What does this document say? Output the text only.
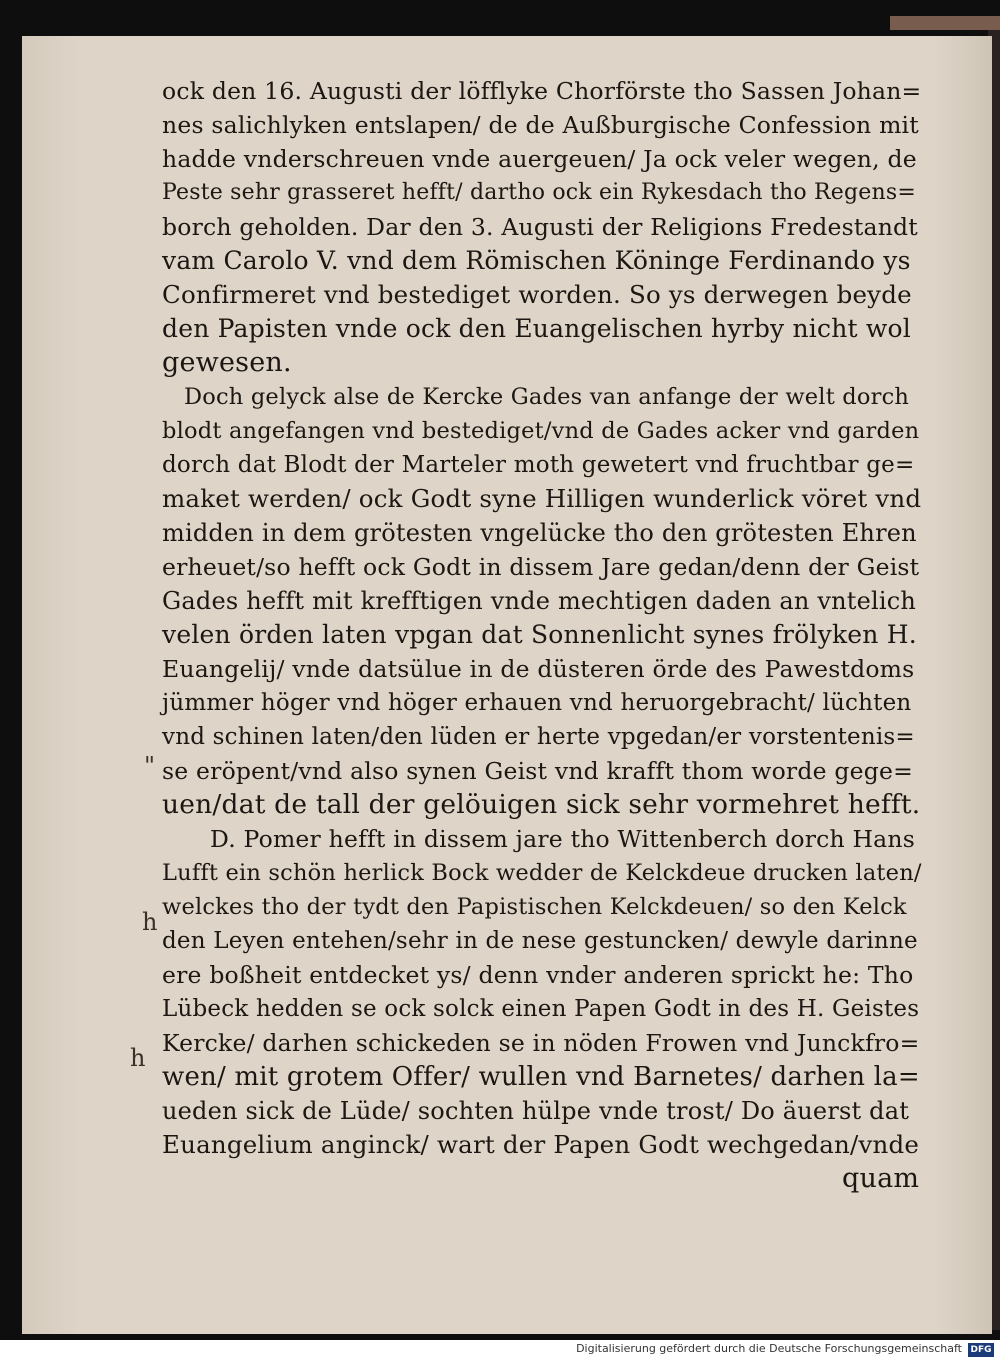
ock den 16. Augusti der löfflyke Chorförste tho Sassen Johan=
nes salichlyken entslapen/ de de Außburgische Confession mit
hadde vnderschreuen vnde auergeuen/ Ja ock veler wegen, de
Peste sehr grasseret hefft/ dartho ock ein Rykesdach tho Regens=
borch geholden. Dar den 3. Augusti der Religions Fredestandt
vam Carolo V. vnd dem Römischen Köninge Ferdinando ys
Confirmeret vnd bestediget worden. So ys derwegen beyde
den Papisten vnde ock den Euangelischen hyrby nicht wol
gewesen.
Doch gelyck alse de Kercke Gades van anfange der welt dorch
blodt angefangen vnd bestediget/vnd de Gades acker vnd garden
dorch dat Blodt der Marteler moth gewetert vnd fruchtbar ge=
maket werden/ ock Godt syne Hilligen wunderlick vöret vnd
midden in dem grötesten vngelücke tho den grötesten Ehren
erheuet/so hefft ock Godt in dissem Jare gedan/denn der Geist
Gades hefft mit krefftigen vnde mechtigen daden an vntelich
velen örden laten vpgan dat Sonnenlicht synes frölyken H.
Euangelij/ vnde datsülue in de düsteren örde des Pawestdoms
jümmer höger vnd höger erhauen vnd heruorgebracht/ lüchten
vnd schinen laten/den lüden er herte vpgedan/er vorstentenis=
se eröpent/vnd also synen Geist vnd krafft thom worde gege=
uen/dat de tall der gelöuigen sick sehr vormehret hefft.
D. Pomer hefft in dissem jare tho Wittenberch dorch Hans
Lufft ein schön herlick Bock wedder de Kelckdeue drucken laten/
welckes tho der tydt den Papistischen Kelckdeuen/ so den Kelck
den Leyen entehen/sehr in de nese gestuncken/ dewyle darinne
ere boßheit entdecket ys/ denn vnder anderen sprickt he: Tho
Lübeck hedden se ock solck einen Papen Godt in des H. Geistes
Kercke/ darhen schickeden se in nöden Frowen vnd Junckfro=
wen/ mit grotem Offer/ wullen vnd Barnetes/ darhen la=
ueden sick de Lüde/ sochten hülpe vnde trost/ Do äuerst dat
Euangelium anginck/ wart der Papen Godt wechgedan/vnde
quam
"
h
h
Digitalisierung gefördert durch die Deutsche Forschungsgemeinschaft DFG
